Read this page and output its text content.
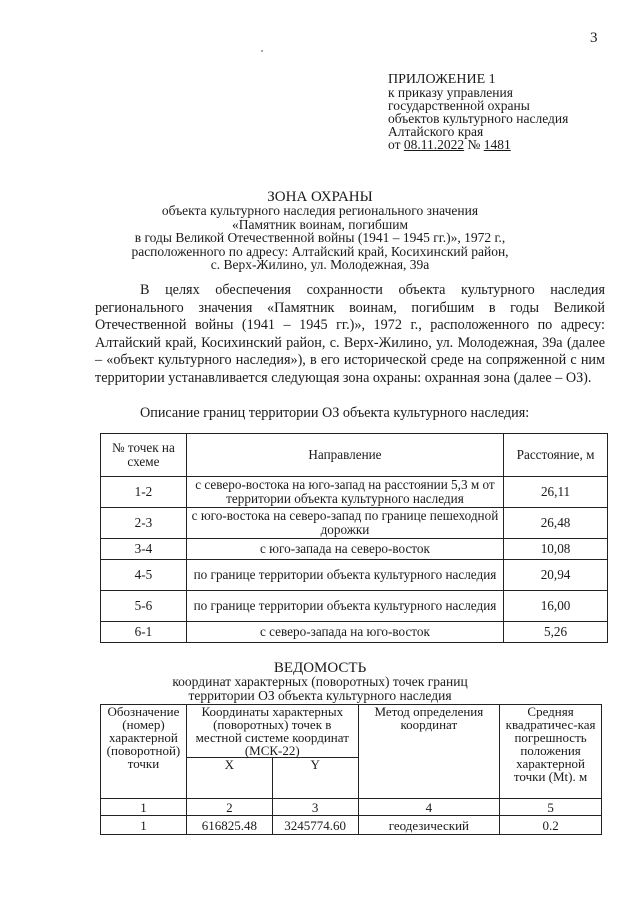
3
ПРИЛОЖЕНИЕ 1
к приказу управления
государственной охраны
объектов культурного наследия
Алтайского края
от 08.11.2022 № 1481
ЗОНА ОХРАНЫ
объекта культурного наследия регионального значения
«Памятник воинам, погибшим
в годы Великой Отечественной войны (1941 – 1945 гг.)», 1972 г.,
расположенного по адресу: Алтайский край, Косихинский район,
с. Верх-Жилино, ул. Молодежная, 39а
В целях обеспечения сохранности объекта культурного наследия регионального значения «Памятник воинам, погибшим в годы Великой Отечественной войны (1941 – 1945 гг.)», 1972 г., расположенного по адресу: Алтайский край, Косихинский район, с. Верх-Жилино, ул. Молодежная, 39а (далее – «объект культурного наследия»), в его исторической среде на сопряженной с ним территории устанавливается следующая зона охраны: охранная зона (далее – ОЗ).
Описание границ территории ОЗ объекта культурного наследия:
№ точек на схеме	Направление	Расстояние, м
1-2	с северо-востока на юго-запад на расстоянии 5,3 м от территории объекта культурного наследия	26,11
2-3	с юго-востока на северо-запад по границе пешеходной дорожки	26,48
3-4	с юго-запада на северо-восток	10,08
4-5	по границе территории объекта культурного наследия	20,94
5-6	по границе территории объекта культурного наследия	16,00
6-1	с северо-запада на юго-восток	5,26
ВЕДОМОСТЬ
координат характерных (поворотных) точек границ
территории ОЗ объекта культурного наследия
Обозначение (номер) характерной (поворотной) точки	Координаты характерных (поворотных) точек в местной системе координат (МСК-22)		Метод определения координат	Средняя квадратичес-кая погрешность положения характерной точки (Mt). м
	X	Y		
1	2	3	4	5
1	616825.48	3245774.60	геодезический	0.2
